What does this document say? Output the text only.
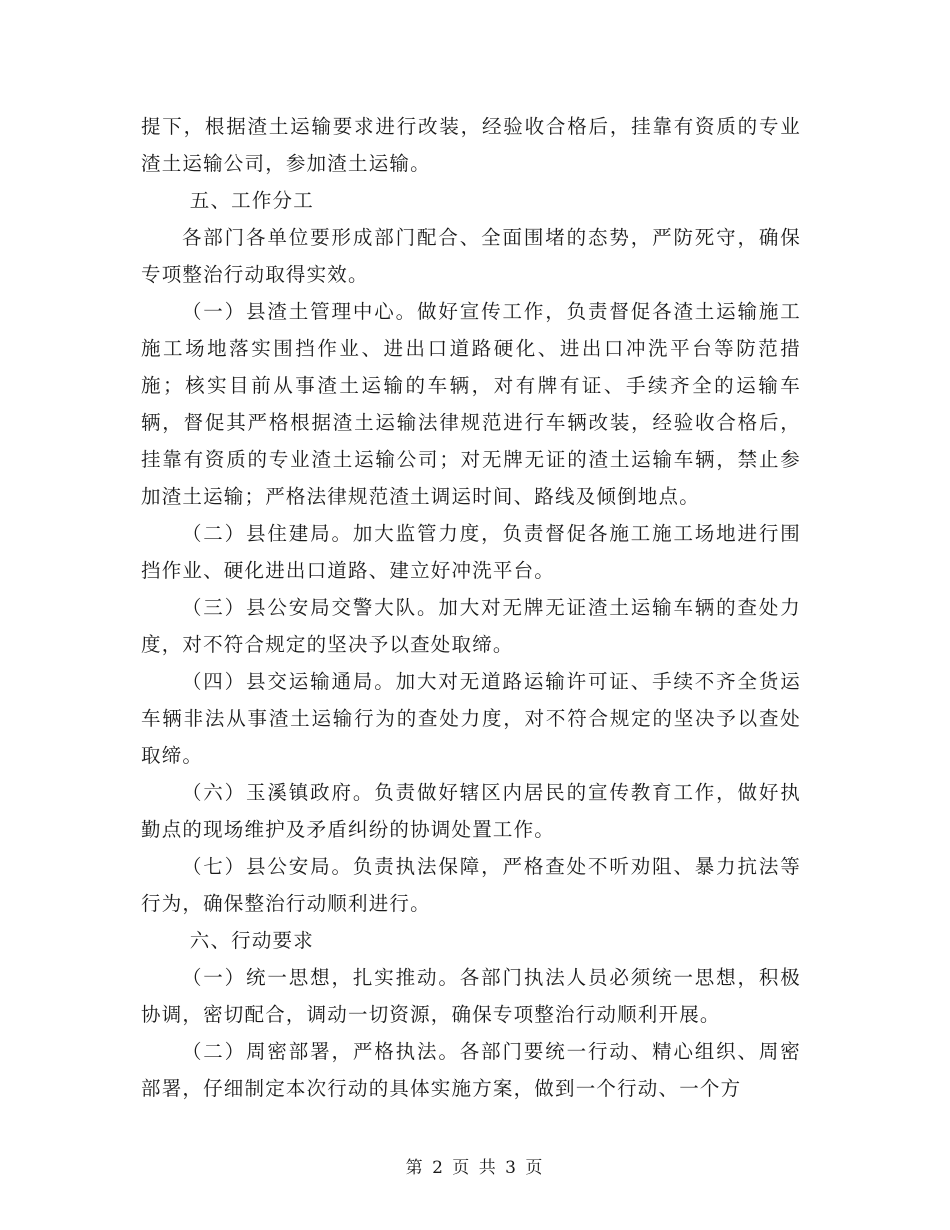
提下，根据渣土运输要求进行改装，经验收合格后，挂靠有资质的专业渣土运输公司，参加渣土运输。

五、工作分工

各部门各单位要形成部门配合、全面围堵的态势，严防死守，确保专项整治行动取得实效。

（一）县渣土管理中心。做好宣传工作，负责督促各渣土运输施工施工场地落实围挡作业、进出口道路硬化、进出口冲洗平台等防范措施；核实目前从事渣土运输的车辆，对有牌有证、手续齐全的运输车辆，督促其严格根据渣土运输法律规范进行车辆改装，经验收合格后，挂靠有资质的专业渣土运输公司；对无牌无证的渣土运输车辆，禁止参加渣土运输；严格法律规范渣土调运时间、路线及倾倒地点。

（二）县住建局。加大监管力度，负责督促各施工施工场地进行围挡作业、硬化进出口道路、建立好冲洗平台。

（三）县公安局交警大队。加大对无牌无证渣土运输车辆的查处力度，对不符合规定的坚决予以查处取缔。

（四）县交运输通局。加大对无道路运输许可证、手续不齐全货运车辆非法从事渣土运输行为的查处力度，对不符合规定的坚决予以查处取缔。

（六）玉溪镇政府。负责做好辖区内居民的宣传教育工作，做好执勤点的现场维护及矛盾纠纷的协调处置工作。

（七）县公安局。负责执法保障，严格查处不听劝阻、暴力抗法等行为，确保整治行动顺利进行。

六、行动要求

（一）统一思想，扎实推动。各部门执法人员必须统一思想，积极协调，密切配合，调动一切资源，确保专项整治行动顺利开展。

（二）周密部署，严格执法。各部门要统一行动、精心组织、周密部署，仔细制定本次行动的具体实施方案，做到一个行动、一个方

第 2 页 共 3 页
